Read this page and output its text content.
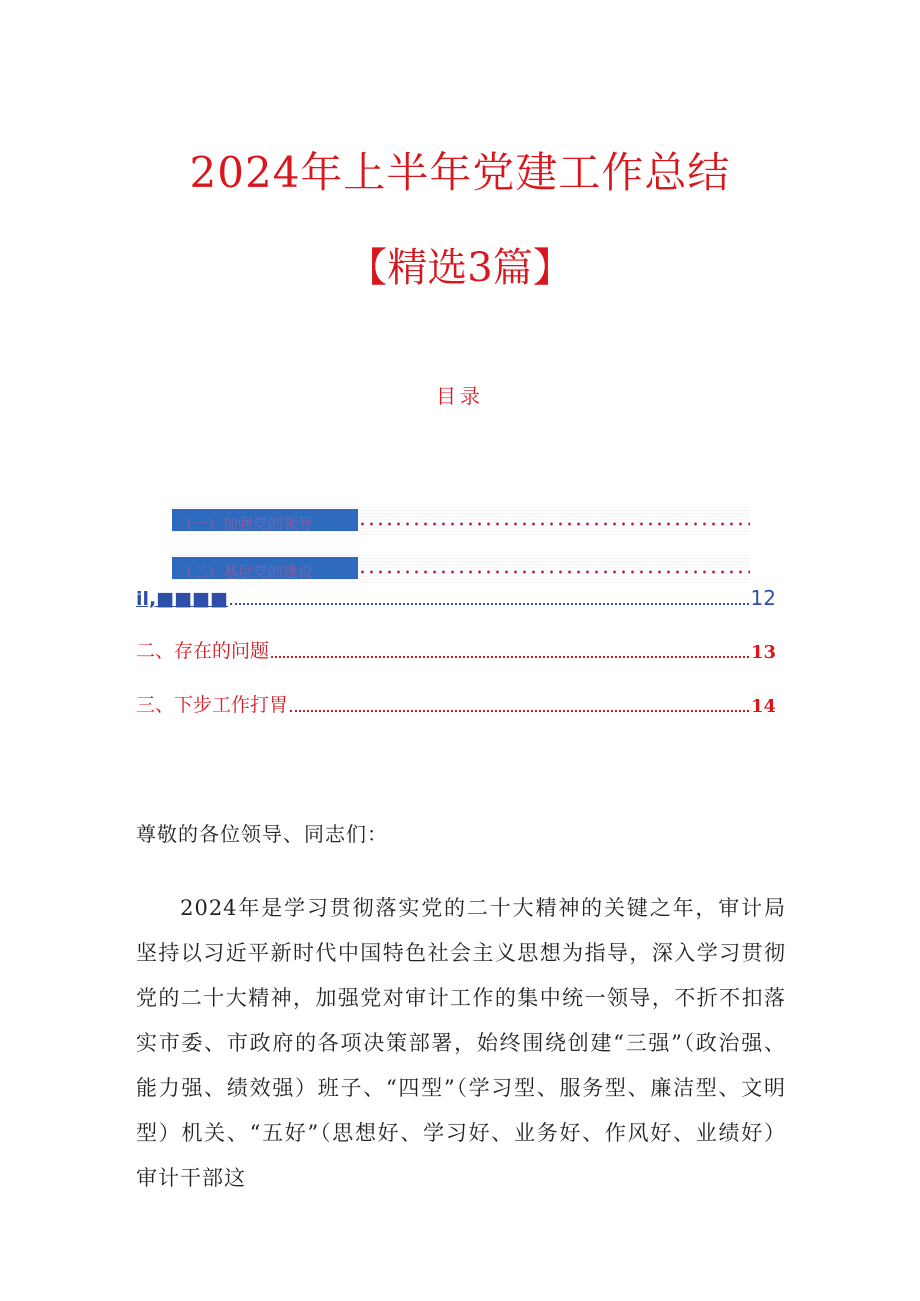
2024年上半年党建工作总结
【精选3篇】
目录
（一）加强党的领导
（二）基层党的建设
il,■■■■	12
二、存在的问题	13
三、下步工作打胃	14
尊敬的各位领导、同志们：
2024年是学习贯彻落实党的二十大精神的关键之年，审计局坚持以习近平新时代中国特色社会主义思想为指导，深入学习贯彻党的二十大精神，加强党对审计工作的集中统一领导，不折不扣落实市委、市政府的各项决策部署，始终围绕创建“三强”（政治强、能力强、绩效强）班子、“四型”（学习型、服务型、廉洁型、文明型）机关、“五好”（思想好、学习好、业务好、作风好、业绩好）审计干部这
